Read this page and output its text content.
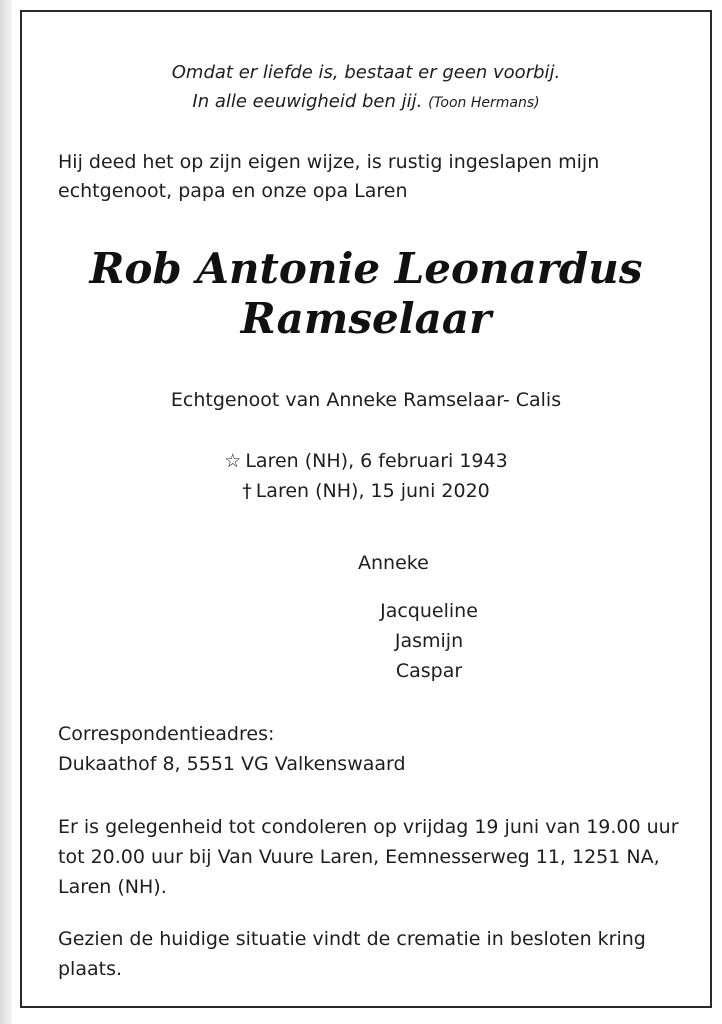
Omdat er liefde is, bestaat er geen voorbij.
In alle eeuwigheid ben jij. (Toon Hermans)
Hij deed het op zijn eigen wijze, is rustig ingeslapen mijn echtgenoot, papa en onze opa Laren
Rob Antonie Leonardus
Ramselaar
Echtgenoot van Anneke Ramselaar- Calis
☆ Laren (NH), 6 februari 1943
† Laren (NH), 15 juni 2020
Anneke
Jacqueline
Jasmijn
Caspar
Correspondentieadres:
Dukaathof 8, 5551 VG Valkenswaard
Er is gelegenheid tot condoleren op vrijdag 19 juni van 19.00 uur tot 20.00 uur bij Van Vuure Laren, Eemnesserweg 11, 1251 NA, Laren (NH).
Gezien de huidige situatie vindt de crematie in besloten kring plaats.
